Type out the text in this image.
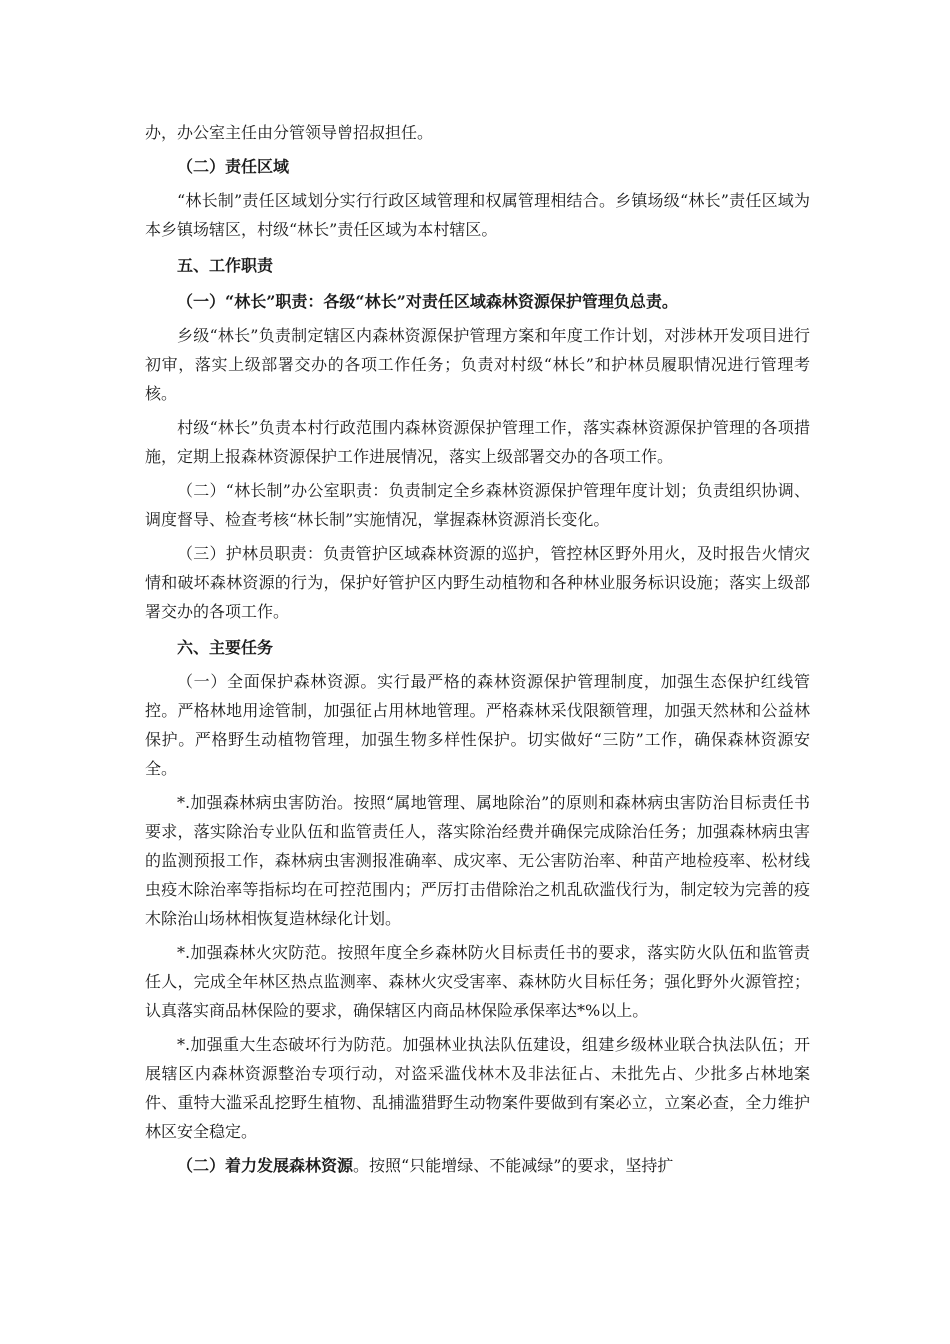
办，办公室主任由分管领导曾招叔担任。

（二）责任区域

“林长制”责任区域划分实行行政区域管理和权属管理相结合。乡镇场级“林长”责任区域为本乡镇场辖区，村级“林长”责任区域为本村辖区。

五、工作职责

（一）“林长”职责：各级“林长”对责任区域森林资源保护管理负总责。

乡级“林长”负责制定辖区内森林资源保护管理方案和年度工作计划，对涉林开发项目进行初审，落实上级部署交办的各项工作任务；负责对村级“林长”和护林员履职情况进行管理考核。

村级“林长”负责本村行政范围内森林资源保护管理工作，落实森林资源保护管理的各项措施，定期上报森林资源保护工作进展情况，落实上级部署交办的各项工作。

（二）“林长制”办公室职责：负责制定全乡森林资源保护管理年度计划；负责组织协调、调度督导、检查考核“林长制”实施情况，掌握森林资源消长变化。

（三）护林员职责：负责管护区域森林资源的巡护，管控林区野外用火，及时报告火情灾情和破坏森林资源的行为，保护好管护区内野生动植物和各种林业服务标识设施；落实上级部署交办的各项工作。

六、主要任务

（一）全面保护森林资源。实行最严格的森林资源保护管理制度，加强生态保护红线管控。严格林地用途管制，加强征占用林地管理。严格森林采伐限额管理，加强天然林和公益林保护。严格野生动植物管理，加强生物多样性保护。切实做好“三防”工作，确保森林资源安全。

*.加强森林病虫害防治。按照“属地管理、属地除治”的原则和森林病虫害防治目标责任书要求，落实除治专业队伍和监管责任人，落实除治经费并确保完成除治任务；加强森林病虫害的监测预报工作，森林病虫害测报准确率、成灾率、无公害防治率、种苗产地检疫率、松材线虫疫木除治率等指标均在可控范围内；严厉打击借除治之机乱砍滥伐行为，制定较为完善的疫木除治山场林相恢复造林绿化计划。

*.加强森林火灾防范。按照年度全乡森林防火目标责任书的要求，落实防火队伍和监管责任人，完成全年林区热点监测率、森林火灾受害率、森林防火目标任务；强化野外火源管控；认真落实商品林保险的要求，确保辖区内商品林保险承保率达*%以上。

*.加强重大生态破坏行为防范。加强林业执法队伍建设，组建乡级林业联合执法队伍；开展辖区内森林资源整治专项行动，对盗采滥伐林木及非法征占、未批先占、少批多占林地案件、重特大滥采乱挖野生植物、乱捕滥猎野生动物案件要做到有案必立，立案必查，全力维护林区安全稳定。

（二）着力发展森林资源。按照“只能增绿、不能减绿”的要求，坚持扩
